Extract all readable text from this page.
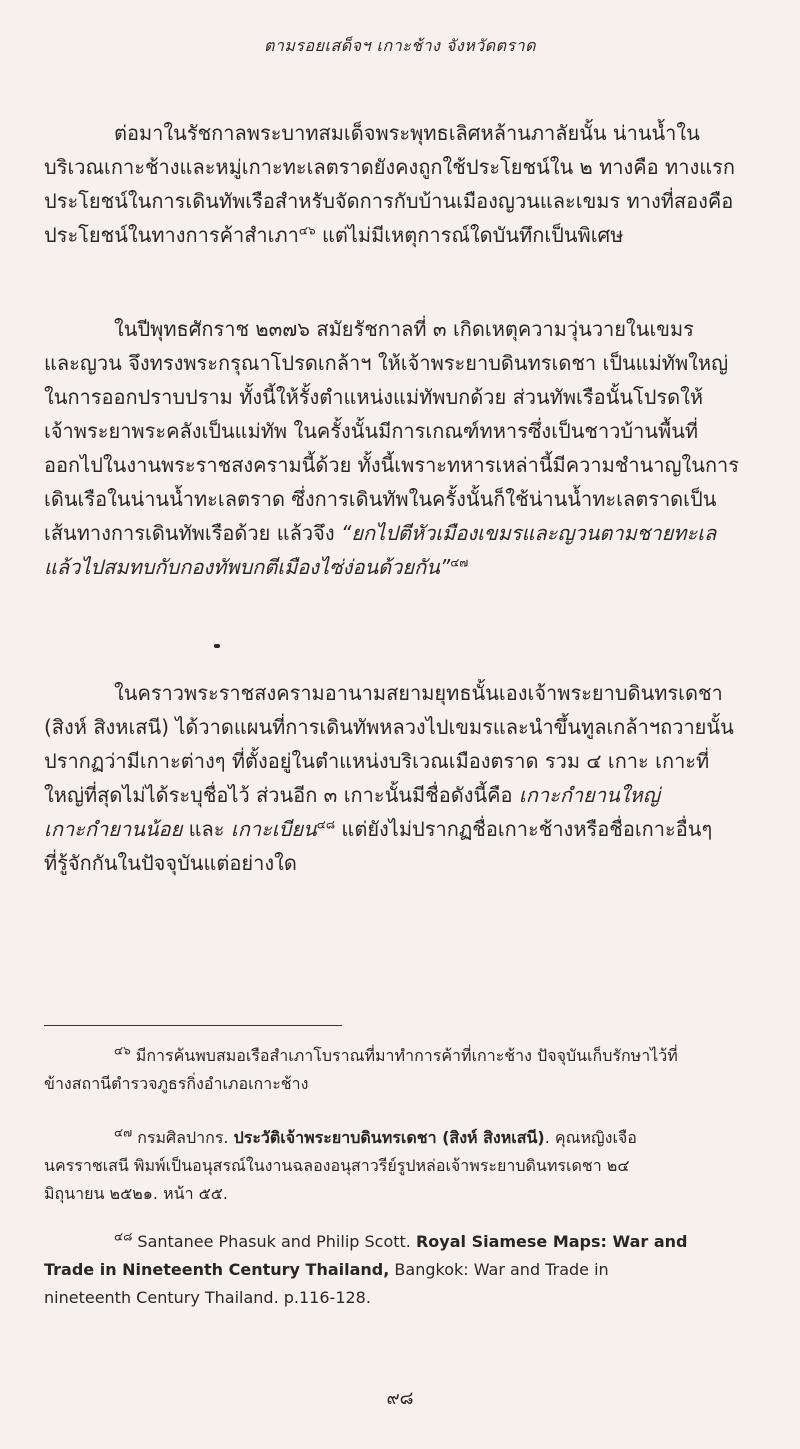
ตามรอยเสด็จฯ เกาะช้าง จังหวัดตราด
ต่อมาในรัชกาลพระบาทสมเด็จพระพุทธเลิศหล้านภาลัยนั้น น่านน้ำใน
บริเวณเกาะช้างและหมู่เกาะทะเลตราดยังคงถูกใช้ประโยชน์ใน ๒ ทางคือ ทางแรก
ประโยชน์ในการเดินทัพเรือสำหรับจัดการกับบ้านเมืองญวนและเขมร ทางที่สองคือ
ประโยชน์ในทางการค้าสำเภา$^{๔๖}$ แต่ไม่มีเหตุการณ์ใดบันทึกเป็นพิเศษ
ในปีพุทธศักราช ๒๓๗๖ สมัยรัชกาลที่ ๓ เกิดเหตุความวุ่นวายในเขมร
และญวน จึงทรงพระกรุณาโปรดเกล้าฯ ให้เจ้าพระยาบดินทรเดชา เป็นแม่ทัพใหญ่
ในการออกปราบปราม ทั้งนี้ให้รั้งตำแหน่งแม่ทัพบกด้วย ส่วนทัพเรือนั้นโปรดให้
เจ้าพระยาพระคลังเป็นแม่ทัพ ในครั้งนั้นมีการเกณฑ์ทหารซึ่งเป็นชาวบ้านพื้นที่
ออกไปในงานพระราชสงครามนี้ด้วย ทั้งนี้เพราะทหารเหล่านี้มีความชำนาญในการ
เดินเรือในน่านน้ำทะเลตราด ซึ่งการเดินทัพในครั้งนั้นก็ใช้น่านน้ำทะเลตราดเป็น
เส้นทางการเดินทัพเรือด้วย แล้วจึง “ยกไปตีหัวเมืองเขมรและญวนตามชายทะเล
แล้วไปสมทบกับกองทัพบกตีเมืองไซ่ง่อนด้วยกัน”$^{๔๗}$
ในคราวพระราชสงครามอานามสยามยุทธนั้นเองเจ้าพระยาบดินทรเดชา
(สิงห์ สิงหเสนี) ได้วาดแผนที่การเดินทัพหลวงไปเขมรและนำขึ้นทูลเกล้าฯถวายนั้น
ปรากฏว่ามีเกาะต่างๆ ที่ตั้งอยู่ในตำแหน่งบริเวณเมืองตราด รวม ๔ เกาะ เกาะที่
ใหญ่ที่สุดไม่ได้ระบุชื่อไว้ ส่วนอีก ๓ เกาะนั้นมีชื่อดังนี้คือ เกาะกำยานใหญ่
เกาะกำยานน้อย และ เกาะเบียน$^{๔๘}$ แต่ยังไม่ปรากฏชื่อเกาะช้างหรือชื่อเกาะอื่นๆ
ที่รู้จักกันในปัจจุบันแต่อย่างใด
$^{๔๖}$ มีการค้นพบสมอเรือสำเภาโบราณที่มาทำการค้าที่เกาะช้าง ปัจจุบันเก็บรักษาไว้ที่
ข้างสถานีตำรวจภูธรกิ่งอำเภอเกาะช้าง
$^{๔๗}$ กรมศิลปากร. ประวัติเจ้าพระยาบดินทรเดชา (สิงห์ สิงหเสนี). คุณหญิงเจือ
นครราชเสนี พิมพ์เป็นอนุสรณ์ในงานฉลองอนุสาวรีย์รูปหล่อเจ้าพระยาบดินทรเดชา ๒๔
มิถุนายน ๒๕๒๑. หน้า ๕๕.
$^{๔๘}$ Santanee Phasuk and Philip Scott. Royal Siamese Maps: War and
Trade in Nineteenth Century Thailand, Bangkok: War and Trade in
nineteenth Century Thailand. p.116-128.
๙๘
